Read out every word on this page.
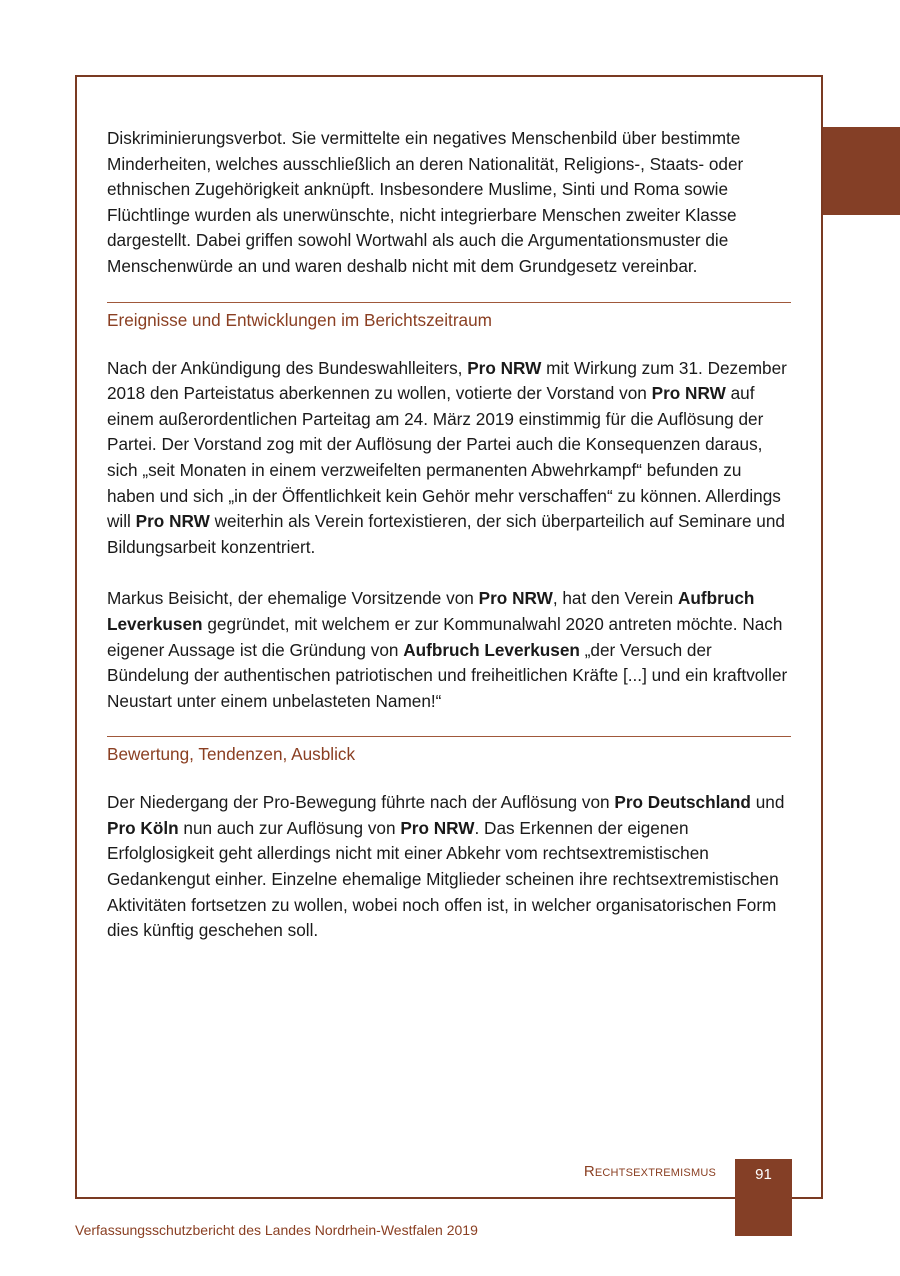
Diskriminierungsverbot. Sie vermittelte ein negatives Menschenbild über bestimmte Minderheiten, welches ausschließlich an deren Nationalität, Religions-, Staats- oder ethnischen Zugehörigkeit anknüpft. Insbesondere Muslime, Sinti und Roma sowie Flüchtlinge wurden als unerwünschte, nicht integrierbare Menschen zweiter Klasse dargestellt. Dabei griffen sowohl Wortwahl als auch die Argumentationsmuster die Menschenwürde an und waren deshalb nicht mit dem Grundgesetz vereinbar.

Ereignisse und Entwicklungen im Berichtszeitraum

Nach der Ankündigung des Bundeswahlleiters, Pro NRW mit Wirkung zum 31. Dezember 2018 den Parteistatus aberkennen zu wollen, votierte der Vorstand von Pro NRW auf einem außerordentlichen Parteitag am 24. März 2019 einstimmig für die Auflösung der Partei. Der Vorstand zog mit der Auflösung der Partei auch die Konsequenzen daraus, sich „seit Monaten in einem verzweifelten permanenten Abwehrkampf“ befunden zu haben und sich „in der Öffentlichkeit kein Gehör mehr verschaffen“ zu können. Allerdings will Pro NRW weiterhin als Verein fortexistieren, der sich überparteilich auf Seminare und Bildungsarbeit konzentriert.

Markus Beisicht, der ehemalige Vorsitzende von Pro NRW, hat den Verein Aufbruch Leverkusen gegründet, mit welchem er zur Kommunalwahl 2020 antreten möchte. Nach eigener Aussage ist die Gründung von Aufbruch Leverkusen „der Versuch der Bündelung der authentischen patriotischen und freiheitlichen Kräfte [...] und ein kraftvoller Neustart unter einem unbelasteten Namen!“

Bewertung, Tendenzen, Ausblick

Der Niedergang der Pro-Bewegung führte nach der Auflösung von Pro Deutschland und Pro Köln nun auch zur Auflösung von Pro NRW. Das Erkennen der eigenen Erfolglosigkeit geht allerdings nicht mit einer Abkehr vom rechtsextremistischen Gedankengut einher. Einzelne ehemalige Mitglieder scheinen ihre rechtsextremistischen Aktivitäten fortsetzen zu wollen, wobei noch offen ist, in welcher organisatorischen Form dies künftig geschehen soll.

Rechtsextremismus	91
Verfassungsschutzbericht des Landes Nordrhein-Westfalen 2019
